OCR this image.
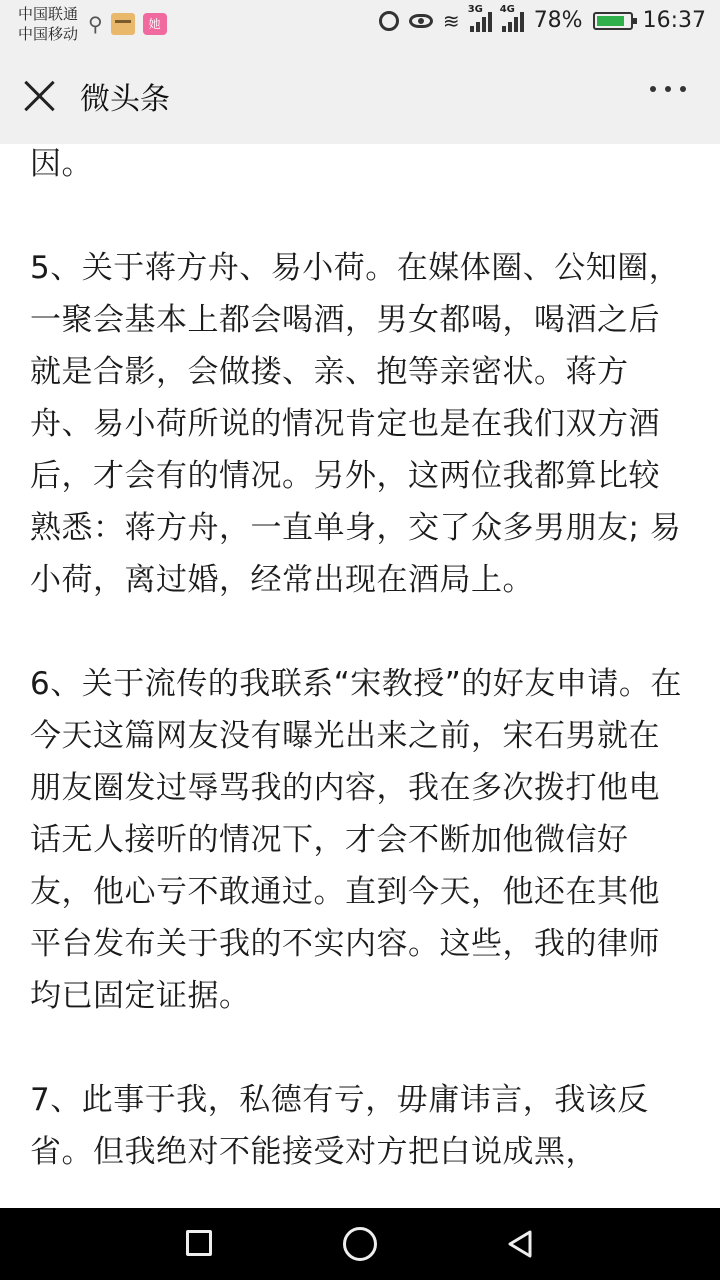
中国联通
中国移动 ⚲	她	≋ 3G 4G 78%	16:37
微头条

因。

5、关于蒋方舟、易小荷。在媒体圈、公知圈，一聚会基本上都会喝酒，男女都喝，喝酒之后就是合影，会做搂、亲、抱等亲密状。蒋方舟、易小荷所说的情况肯定也是在我们双方酒后，才会有的情况。另外，这两位我都算比较熟悉：蒋方舟，一直单身，交了众多男朋友; 易小荷，离过婚，经常出现在酒局上。

6、关于流传的我联系“宋教授”的好友申请。在今天这篇网友没有曝光出来之前，宋石男就在朋友圈发过辱骂我的内容，我在多次拨打他电话无人接听的情况下，才会不断加他微信好友，他心亏不敢通过。直到今天，他还在其他平台发布关于我的不实内容。这些，我的律师均已固定证据。

7、此事于我，私德有亏，毋庸讳言，我该反省。但我绝对不能接受对方把白说成黑，
